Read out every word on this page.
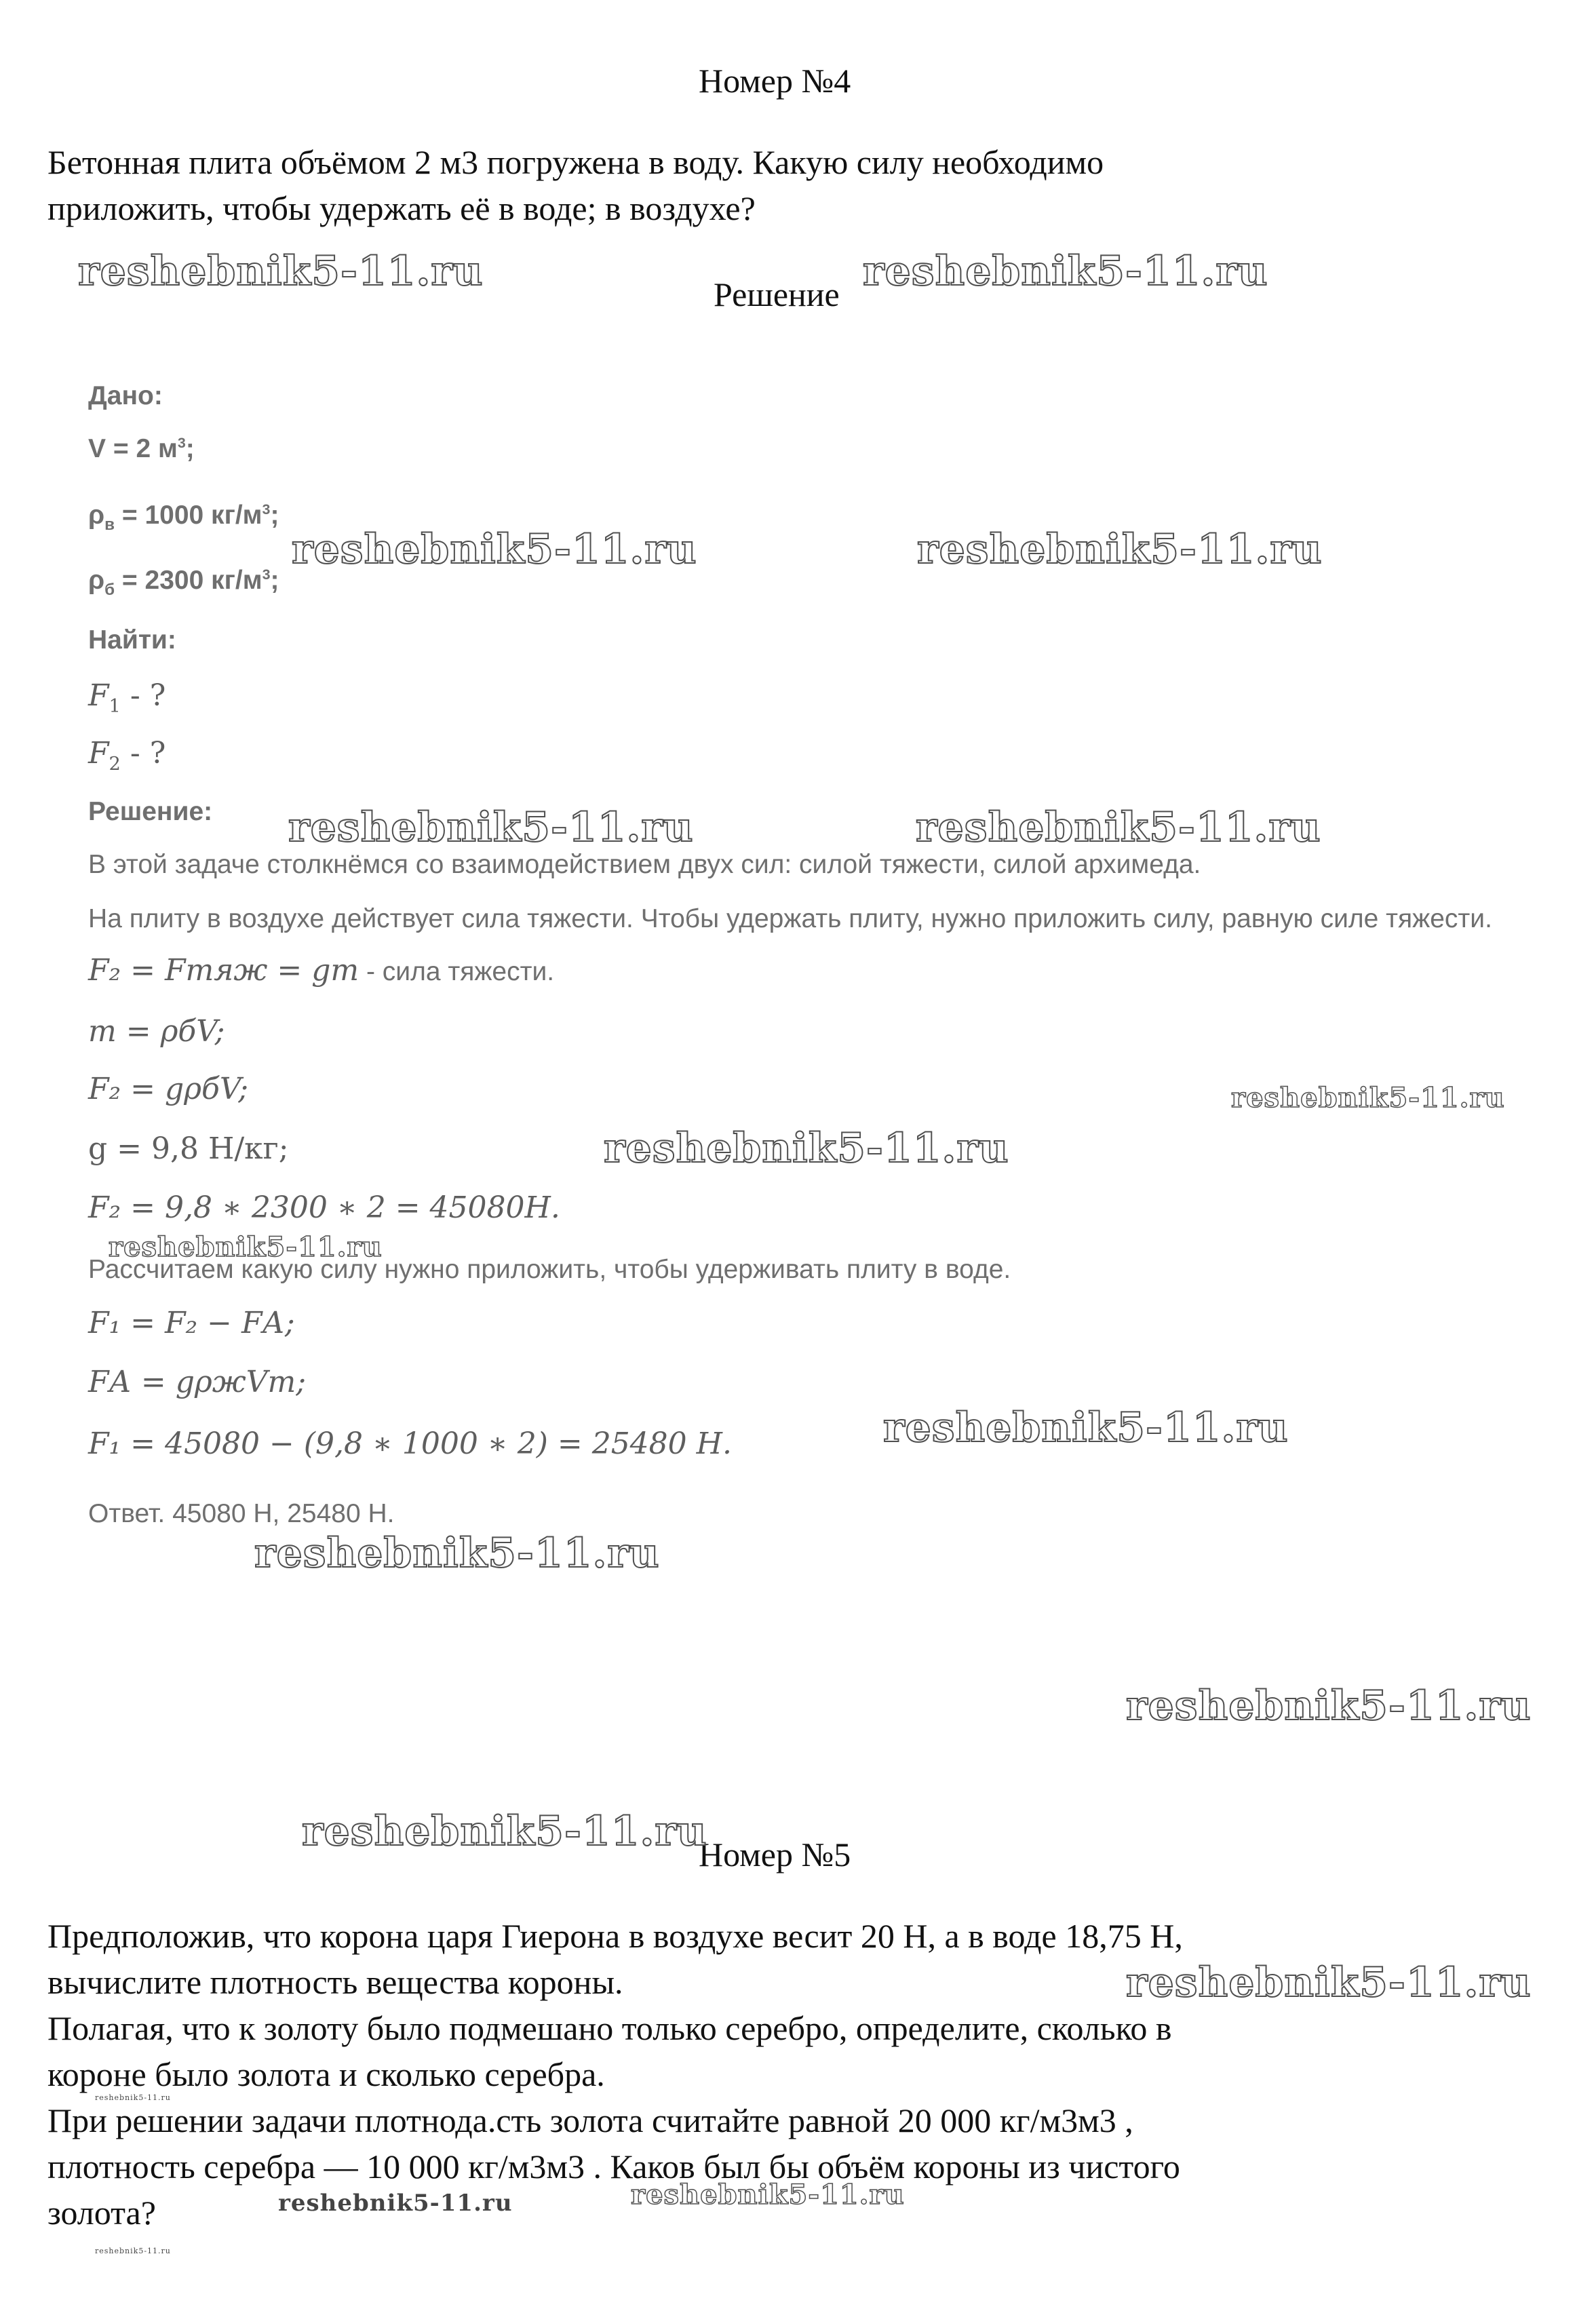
Номер №4
Бетонная плита объёмом 2 м3 погружена в воду. Какую силу необходимо
приложить, чтобы удержать её в воде; в воздухе?
Решение
Дано:
V = 2 $м^3$;
$\rho_в = 1000$ $кг/м^3$;
$\rho_б = 2300$ $кг/м^3$;
Найти:
$F_1$ - ?
$F_2$ - ?
Решение:
В этой задаче столкнёмся со взаимодействием двух сил: силой тяжести, силой архимеда.
На плиту в воздухе действует сила тяжести. Чтобы удержать плиту, нужно приложить силу, равную силе тяжести.
F₂ = Fтяж = gm - сила тяжести.
m = ρбV;
F₂ = gρбV;
g = 9,8 Н/кг;
F₂ = 9,8 ∗ 2300 ∗ 2 = 45080Н.
Рассчитаем какую силу нужно приложить, чтобы удерживать плиту в воде.
F₁ = F₂ − FА;
FА = gρжVт;
F₁ = 45080 − (9,8 ∗ 1000 ∗ 2) = 25480 Н.
Ответ. 45080 Н, 25480 Н.
Номер №5
Предположив, что корона царя Гиерона в воздухе весит 20 Н, а в воде 18,75 Н,
вычислите плотность вещества короны.
Полагая, что к золоту было подмешано только серебро, определите, сколько в
короне было золота и сколько серебра.
При решении задачи плотнода.сть золота считайте равной 20 000 кг/м3м3 ,
плотность серебра — 10 000 кг/м3м3 . Каков был бы объём короны из чистого
золота?
reshebnik5-11.ru	reshebnik5-11.ru
reshebnik5-11.ru	reshebnik5-11.ru
reshebnik5-11.ru	reshebnik5-11.ru
reshebnik5-11.ru
reshebnik5-11.ru
reshebnik5-11.ru
reshebnik5-11.ru
reshebnik5-11.ru
reshebnik5-11.ru
reshebnik5-11.ru
reshebnik5-11.ru
reshebnik5-11.ru
reshebnik5-11.ru
reshebnik5-11.ru
reshebnik5-11.ru
